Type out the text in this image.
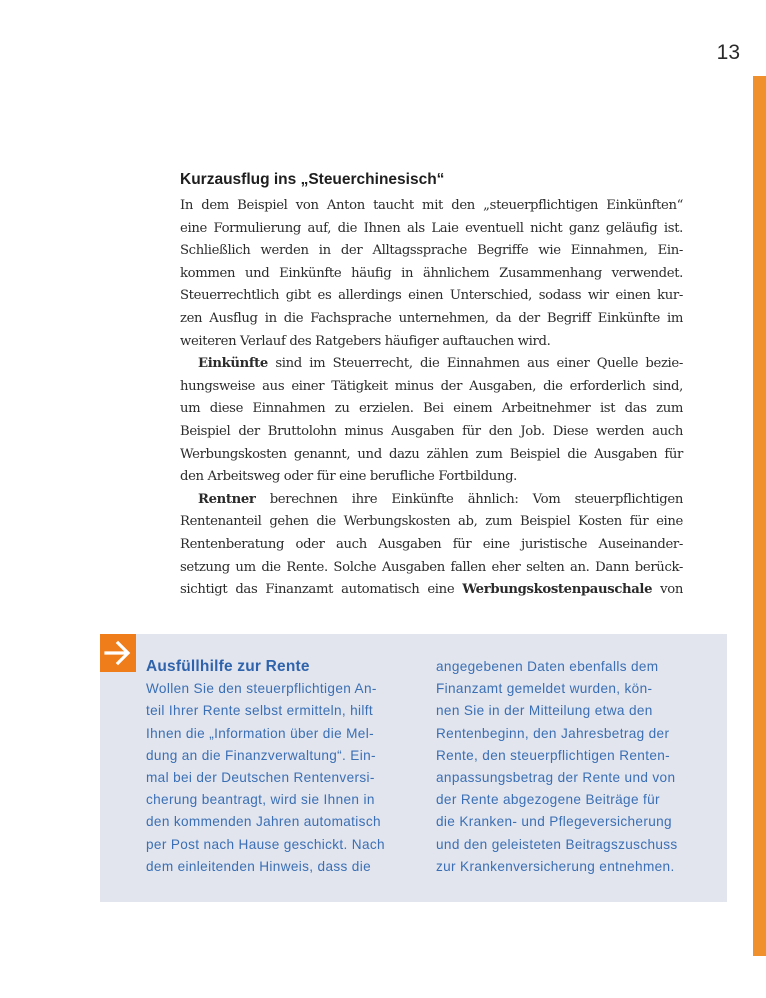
13
Kurzausflug ins „Steuerchinesisch“
In dem Beispiel von Anton taucht mit den „steuerpflichtigen Einkünften“
eine Formulierung auf, die Ihnen als Laie eventuell nicht ganz geläufig ist.
Schließlich werden in der Alltagssprache Begriffe wie Einnahmen, Ein-
kommen und Einkünfte häufig in ähnlichem Zusammenhang verwendet.
Steuerrechtlich gibt es allerdings einen Unterschied, sodass wir einen kur-
zen Ausflug in die Fachsprache unternehmen, da der Begriff Einkünfte im
weiteren Verlauf des Ratgebers häufiger auftauchen wird.
Einkünfte sind im Steuerrecht, die Einnahmen aus einer Quelle bezie-
hungsweise aus einer Tätigkeit minus der Ausgaben, die erforderlich sind,
um diese Einnahmen zu erzielen. Bei einem Arbeitnehmer ist das zum
Beispiel der Bruttolohn minus Ausgaben für den Job. Diese werden auch
Werbungskosten genannt, und dazu zählen zum Beispiel die Ausgaben für
den Arbeitsweg oder für eine berufliche Fortbildung.
Rentner berechnen ihre Einkünfte ähnlich: Vom steuerpflichtigen
Rentenanteil gehen die Werbungskosten ab, zum Beispiel Kosten für eine
Rentenberatung oder auch Ausgaben für eine juristische Auseinander-
setzung um die Rente. Solche Ausgaben fallen eher selten an. Dann berück-
sichtigt das Finanzamt automatisch eine Werbungskostenpauschale von
Ausfüllhilfe zur Rente
Wollen Sie den steuerpflichtigen An-
teil Ihrer Rente selbst ermitteln, hilft
Ihnen die „Information über die Mel-
dung an die Finanzverwaltung“. Ein-
mal bei der Deutschen Rentenversi-
cherung beantragt, wird sie Ihnen in
den kommenden Jahren automatisch
per Post nach Hause geschickt. Nach
dem einleitenden Hinweis, dass die
angegebenen Daten ebenfalls dem
Finanzamt gemeldet wurden, kön-
nen Sie in der Mitteilung etwa den
Rentenbeginn, den Jahresbetrag der
Rente, den steuerpflichtigen Renten-
anpassungsbetrag der Rente und von
der Rente abgezogene Beiträge für
die Kranken- und Pflegeversicherung
und den geleisteten Beitragszuschuss
zur Krankenversicherung entnehmen.
